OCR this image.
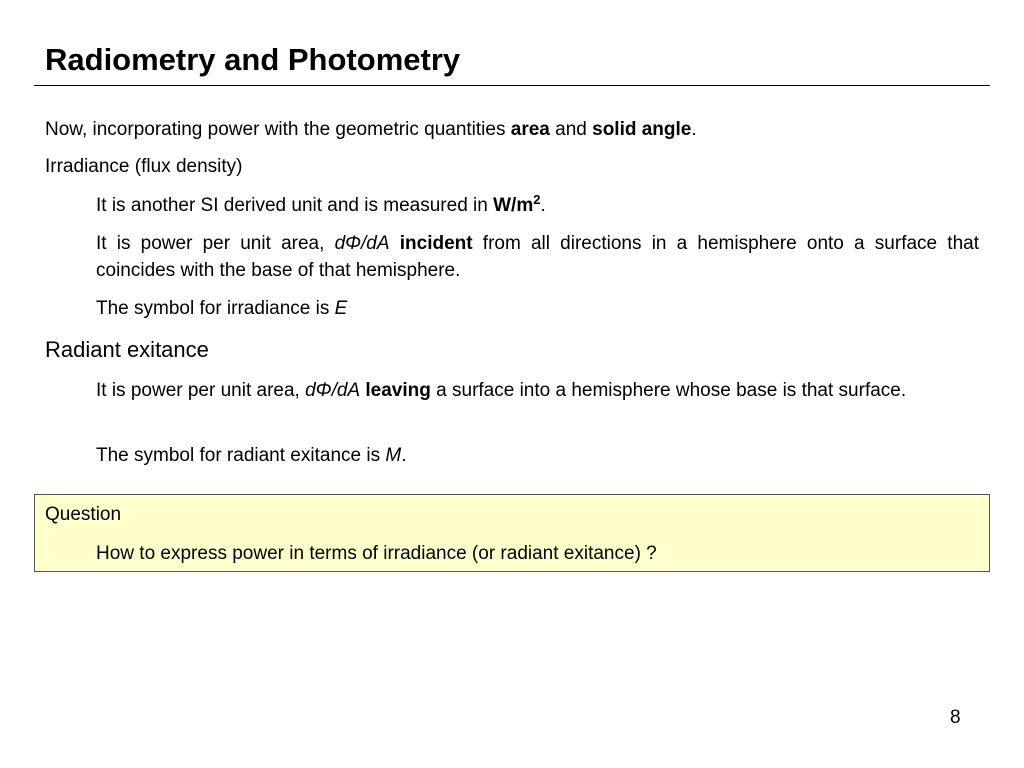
Radiometry and Photometry
Now, incorporating power with the geometric quantities area and solid angle.
Irradiance (flux density)
It is another SI derived unit and is measured in $W/m^2$.
It is power per unit area, dΦ/dA incident from all directions in a hemisphere onto a surface that coincides with the base of that hemisphere.
The symbol for irradiance is E
Radiant exitance
It is power per unit area, dΦ/dA leaving a surface into a hemisphere whose base is that surface.
The symbol for radiant exitance is M.
Question
How to express power in terms of irradiance (or radiant exitance) ?
8
